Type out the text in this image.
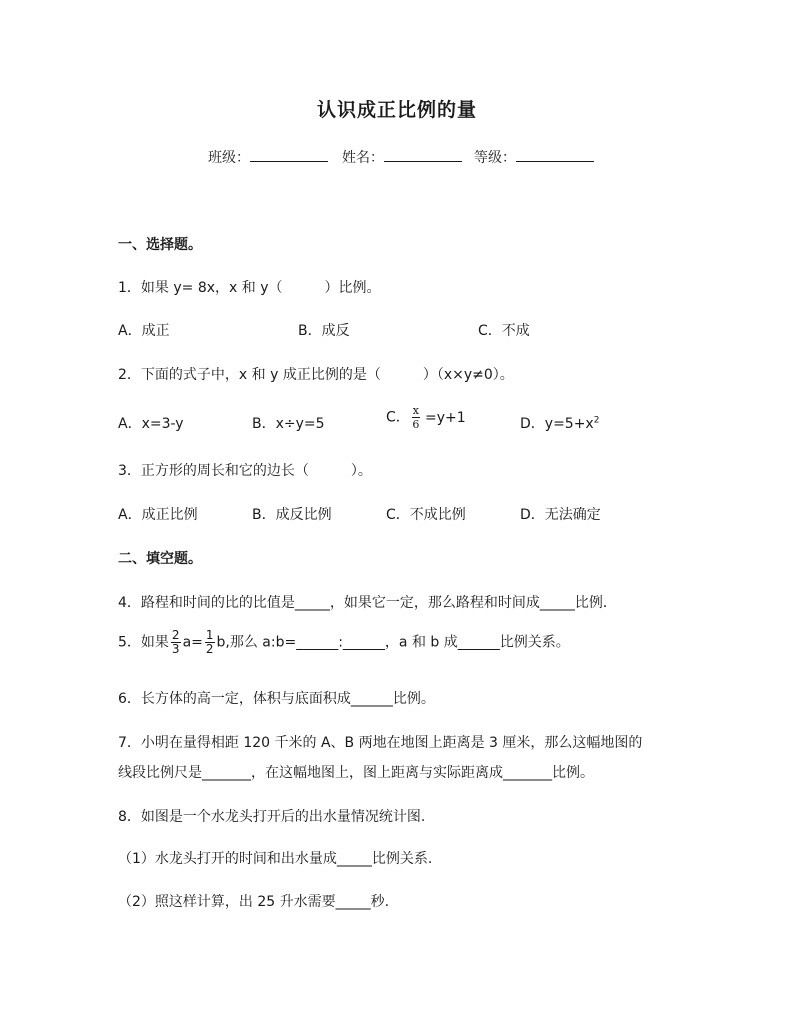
认识成正比例的量
班级：	姓名：	等级：
一、选择题。
1．如果 y= 8x，x 和 y（　　　）比例。
A．成正	B．成反	C．不成
2．下面的式子中，x 和 y 成正比例的是（　　　）（x×y≠0）。
A．x=3-y	B．x÷y=5	C． $\frac{x}{6} =y+1$	D．$y=5+x^2$
3．正方形的周长和它的边长（　　　）。
A．成正比例	B．成反比例	C．不成比例	D．无法确定
二、填空题。
4．路程和时间的比的比值是_____，如果它一定，那么路程和时间成_____比例．
5．如果 $\frac{2}{3} a= \frac{1}{2} b$,那么 a:b=______:______，a 和 b 成______比例关系。
6．长方体的高一定，体积与底面积成______比例。
7．小明在量得相距 120 千米的 A、B 两地在地图上距离是 3 厘米，那么这幅地图的
线段比例尺是_______，在这幅地图上，图上距离与实际距离成_______比例。
8．如图是一个水龙头打开后的出水量情况统计图.
（1）水龙头打开的时间和出水量成_____比例关系.
（2）照这样计算，出 25 升水需要_____秒.
